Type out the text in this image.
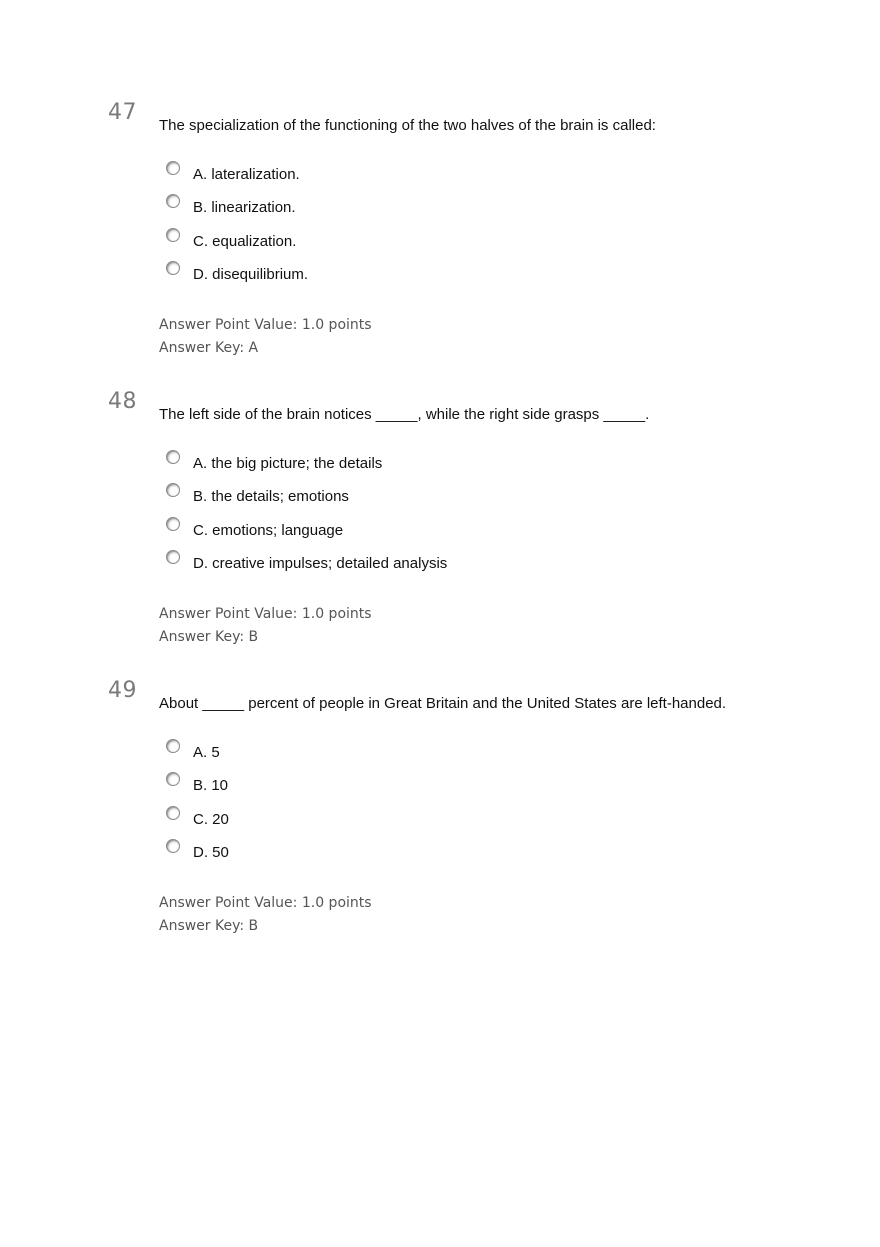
47
The specialization of the functioning of the two halves of the brain is called:
A. lateralization.
B. linearization.
C. equalization.
D. disequilibrium.
Answer Point Value: 1.0 points
Answer Key: A
48
The left side of the brain notices _____, while the right side grasps _____.
A. the big picture; the details
B. the details; emotions
C. emotions; language
D. creative impulses; detailed analysis
Answer Point Value: 1.0 points
Answer Key: B
49
About _____ percent of people in Great Britain and the United States are left-handed.
A. 5
B. 10
C. 20
D. 50
Answer Point Value: 1.0 points
Answer Key: B
